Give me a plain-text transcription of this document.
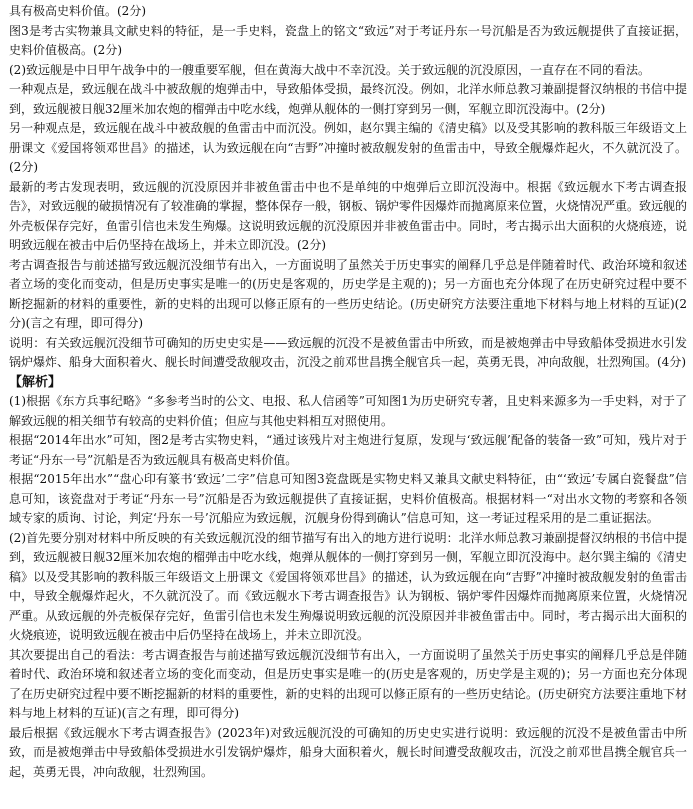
具有极高史料价值。(2分)

图3是考古实物兼具文献史料的特征，是一手史料，瓷盘上的铭文“致远”对于考证丹东一号沉船是否为致远舰提供了直接证据，史料价值极高。(2分)

(2)致远舰是中日甲午战争中的一艘重要军舰，但在黄海大战中不幸沉没。关于致远舰的沉没原因，一直存在不同的看法。

一种观点是，致远舰在战斗中被敌舰的炮弹击中，导致船体受损，最终沉没。例如，北洋水师总教习兼副提督汉纳根的书信中提到，致远舰被日舰32厘米加农炮的榴弹击中吃水线，炮弹从舰体的一侧打穿到另一侧，军舰立即沉没海中。(2分)

另一种观点是，致远舰在战斗中被敌舰的鱼雷击中而沉没。例如，赵尔巽主编的《清史稿》以及受其影响的教科版三年级语文上册课文《爱国将领邓世昌》的描述，认为致远舰在向“吉野”冲撞时被敌舰发射的鱼雷击中，导致全舰爆炸起火，不久就沉没了。(2分)

最新的考古发现表明，致远舰的沉没原因并非被鱼雷击中也不是单纯的中炮弹后立即沉没海中。根据《致远舰水下考古调查报告》，对致远舰的破损情况有了较准确的掌握，整体保存一般，钢板、锅炉零件因爆炸而抛离原来位置，火烧情况严重。致远舰的外壳板保存完好，鱼雷引信也未发生殉爆。这说明致远舰的沉没原因并非被鱼雷击中。同时，考古揭示出大面积的火烧痕迹，说明致远舰在被击中后仍坚持在战场上，并未立即沉没。(2分)

考古调查报告与前述描写致远舰沉没细节有出入，一方面说明了虽然关于历史事实的阐释几乎总是伴随着时代、政治环境和叙述者立场的变化而变动，但是历史事实是唯一的(历史是客观的，历史学是主观的)；另一方面也充分体现了在历史研究过程中要不断挖掘新的材料的重要性，新的史料的出现可以修正原有的一些历史结论。(历史研究方法要注重地下材料与地上材料的互证)(2分)(言之有理，即可得分)

说明：有关致远舰沉没细节可确知的历史史实是——致远舰的沉没不是被鱼雷击中所致，而是被炮弹击中导致船体受损进水引发锅炉爆炸、船身大面积着火、舰长时间遭受敌舰攻击，沉没之前邓世昌携全舰官兵一起，英勇无畏，冲向敌舰，壮烈殉国。(4分)

【解析】

(1)根据《东方兵事纪略》“多参考当时的公文、电报、私人信函等”可知图1为历史研究专著，且史料来源多为一手史料，对于了解致远舰的相关细节有较高的史料价值；但应与其他史料相互对照使用。

根据“2014年出水”可知，图2是考古实物史料，“通过该残片对主炮进行复原，发现与‘致远舰’配备的装备一致”可知，残片对于考证“丹东一号”沉船是否为致远舰具有极高史料价值。

根据“2015年出水”“盘心印有篆书‘致远’二字”信息可知图3瓷盘既是实物史料又兼具文献史料特征，由“‘致远’专属白瓷餐盘”信息可知，该瓷盘对于考证“丹东一号”沉船是否为致远舰提供了直接证据，史料价值极高。根据材料一“对出水文物的考察和各领域专家的质询、讨论，判定‘丹东一号’沉船应为致远舰，沉舰身份得到确认”信息可知，这一考证过程采用的是二重证据法。

(2)首先要分别对材料中所反映的有关致远舰沉没的细节描写有出入的地方进行说明：北洋水师总教习兼副提督汉纳根的书信中提到，致远舰被日舰32厘米加农炮的榴弹击中吃水线，炮弹从舰体的一侧打穿到另一侧，军舰立即沉没海中。赵尔巽主编的《清史稿》以及受其影响的教科版三年级语文上册课文《爱国将领邓世昌》的描述，认为致远舰在向“吉野”冲撞时被敌舰发射的鱼雷击中，导致全舰爆炸起火，不久就沉没了。而《致远舰水下考古调查报告》认为钢板、锅炉零件因爆炸而抛离原来位置，火烧情况严重。从致远舰的外壳板保存完好，鱼雷引信也未发生殉爆说明致远舰的沉没原因并非被鱼雷击中。同时，考古揭示出大面积的火烧痕迹，说明致远舰在被击中后仍坚持在战场上，并未立即沉没。

其次要提出自己的看法：考古调查报告与前述描写致远舰沉没细节有出入，一方面说明了虽然关于历史事实的阐释几乎总是伴随着时代、政治环境和叙述者立场的变化而变动，但是历史事实是唯一的(历史是客观的，历史学是主观的)；另一方面也充分体现了在历史研究过程中要不断挖掘新的材料的重要性，新的史料的出现可以修正原有的一些历史结论。(历史研究方法要注重地下材料与地上材料的互证)(言之有理，即可得分)

最后根据《致远舰水下考古调查报告》(2023年)对致远舰沉没的可确知的历史史实进行说明：致远舰的沉没不是被鱼雷击中所致，而是被炮弹击中导致船体受损进水引发锅炉爆炸，船身大面积着火，舰长时间遭受敌舰攻击，沉没之前邓世昌携全舰官兵一起，英勇无畏，冲向敌舰，壮烈殉国。
